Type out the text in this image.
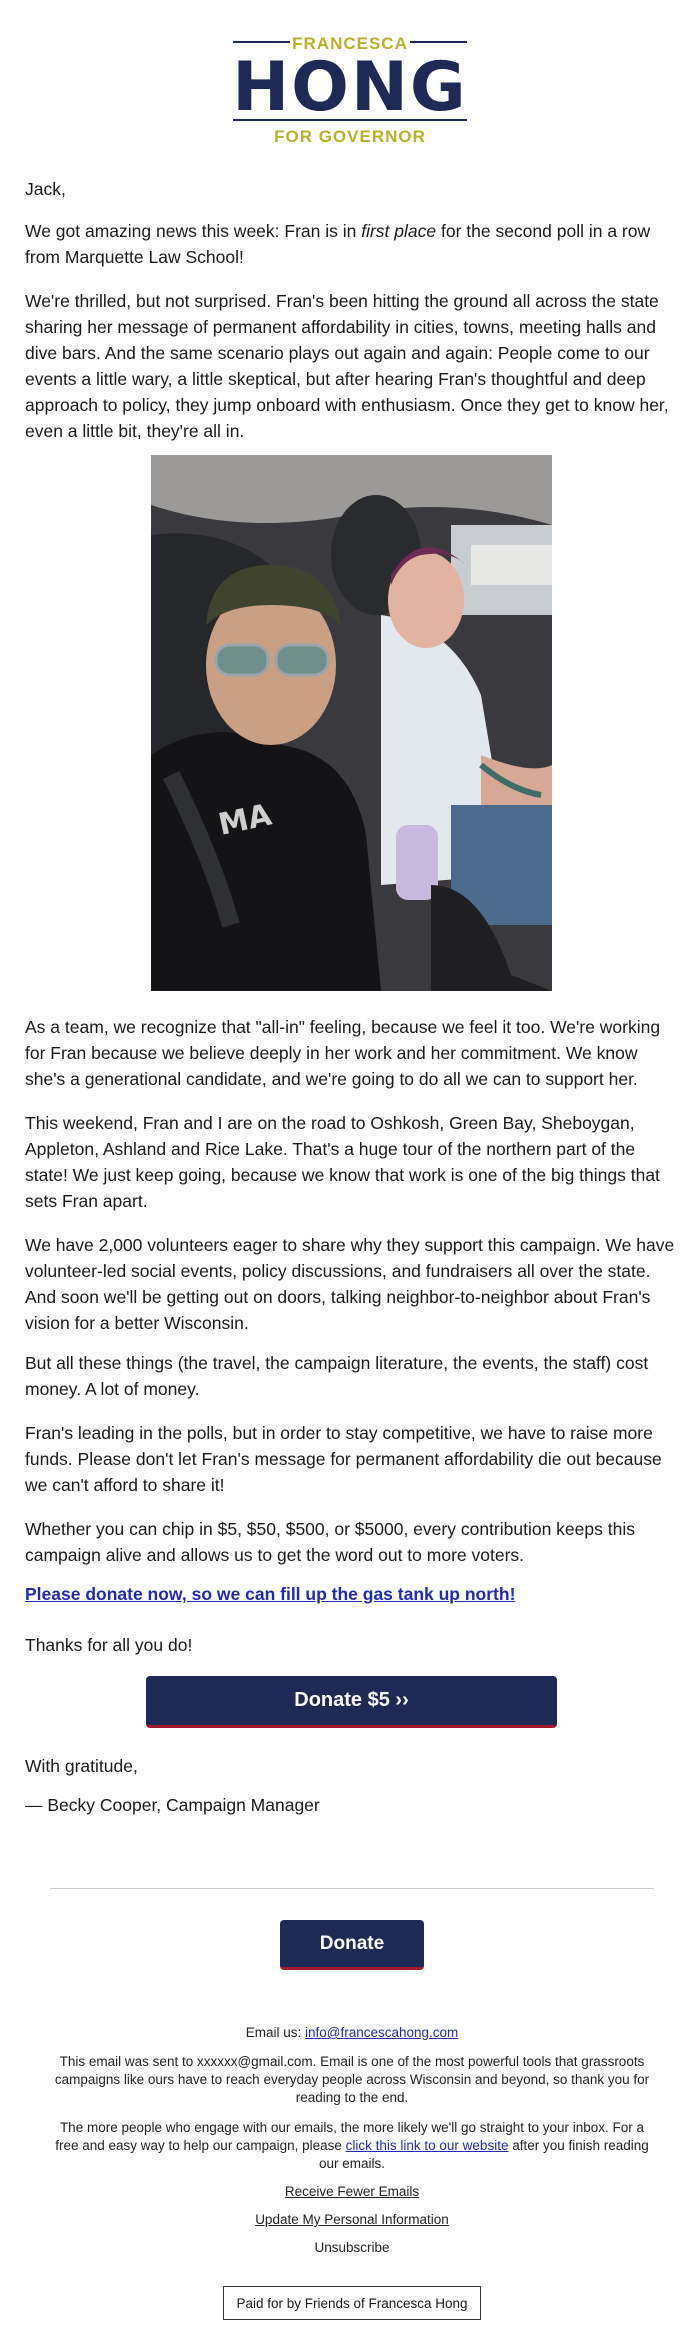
FRANCESCA
HONG
FOR GOVERNOR
Jack,

We got amazing news this week: Fran is in first place for the second poll in a row from Marquette Law School!

We're thrilled, but not surprised. Fran's been hitting the ground all across the state sharing her message of permanent affordability in cities, towns, meeting halls and dive bars. And the same scenario plays out again and again: People come to our events a little wary, a little skeptical, but after hearing Fran's thoughtful and deep approach to policy, they jump onboard with enthusiasm. Once they get to know her, even a little bit, they're all in.
MA
As a team, we recognize that "all-in" feeling, because we feel it too. We're working for Fran because we believe deeply in her work and her commitment. We know she's a generational candidate, and we're going to do all we can to support her.
This weekend, Fran and I are on the road to Oshkosh, Green Bay, Sheboygan, Appleton, Ashland and Rice Lake. That's a huge tour of the northern part of the state! We just keep going, because we know that work is one of the big things that sets Fran apart.
We have 2,000 volunteers eager to share why they support this campaign. We have volunteer-led social events, policy discussions, and fundraisers all over the state. And soon we'll be getting out on doors, talking neighbor-to-neighbor about Fran's vision for a better Wisconsin.
But all these things (the travel, the campaign literature, the events, the staff) cost money. A lot of money.
Fran's leading in the polls, but in order to stay competitive, we have to raise more funds. Please don't let Fran's message for permanent affordability die out because we can't afford to share it!
Whether you can chip in $5, $50, $500, or $5000, every contribution keeps this campaign alive and allows us to get the word out to more voters.
Please donate now, so we can fill up the gas tank up north!
Thanks for all you do!
Donate $5 ››
With gratitude,
— Becky Cooper, Campaign Manager
Donate
Email us: info@francescahong.com
This email was sent to xxxxxx@gmail.com. Email is one of the most powerful tools that grassroots campaigns like ours have to reach everyday people across Wisconsin and beyond, so thank you for reading to the end.
The more people who engage with our emails, the more likely we'll go straight to your inbox. For a free and easy way to help our campaign, please click this link to our website after you finish reading our emails.
Receive Fewer Emails
Update My Personal Information
Unsubscribe
Paid for by Friends of Francesca Hong
